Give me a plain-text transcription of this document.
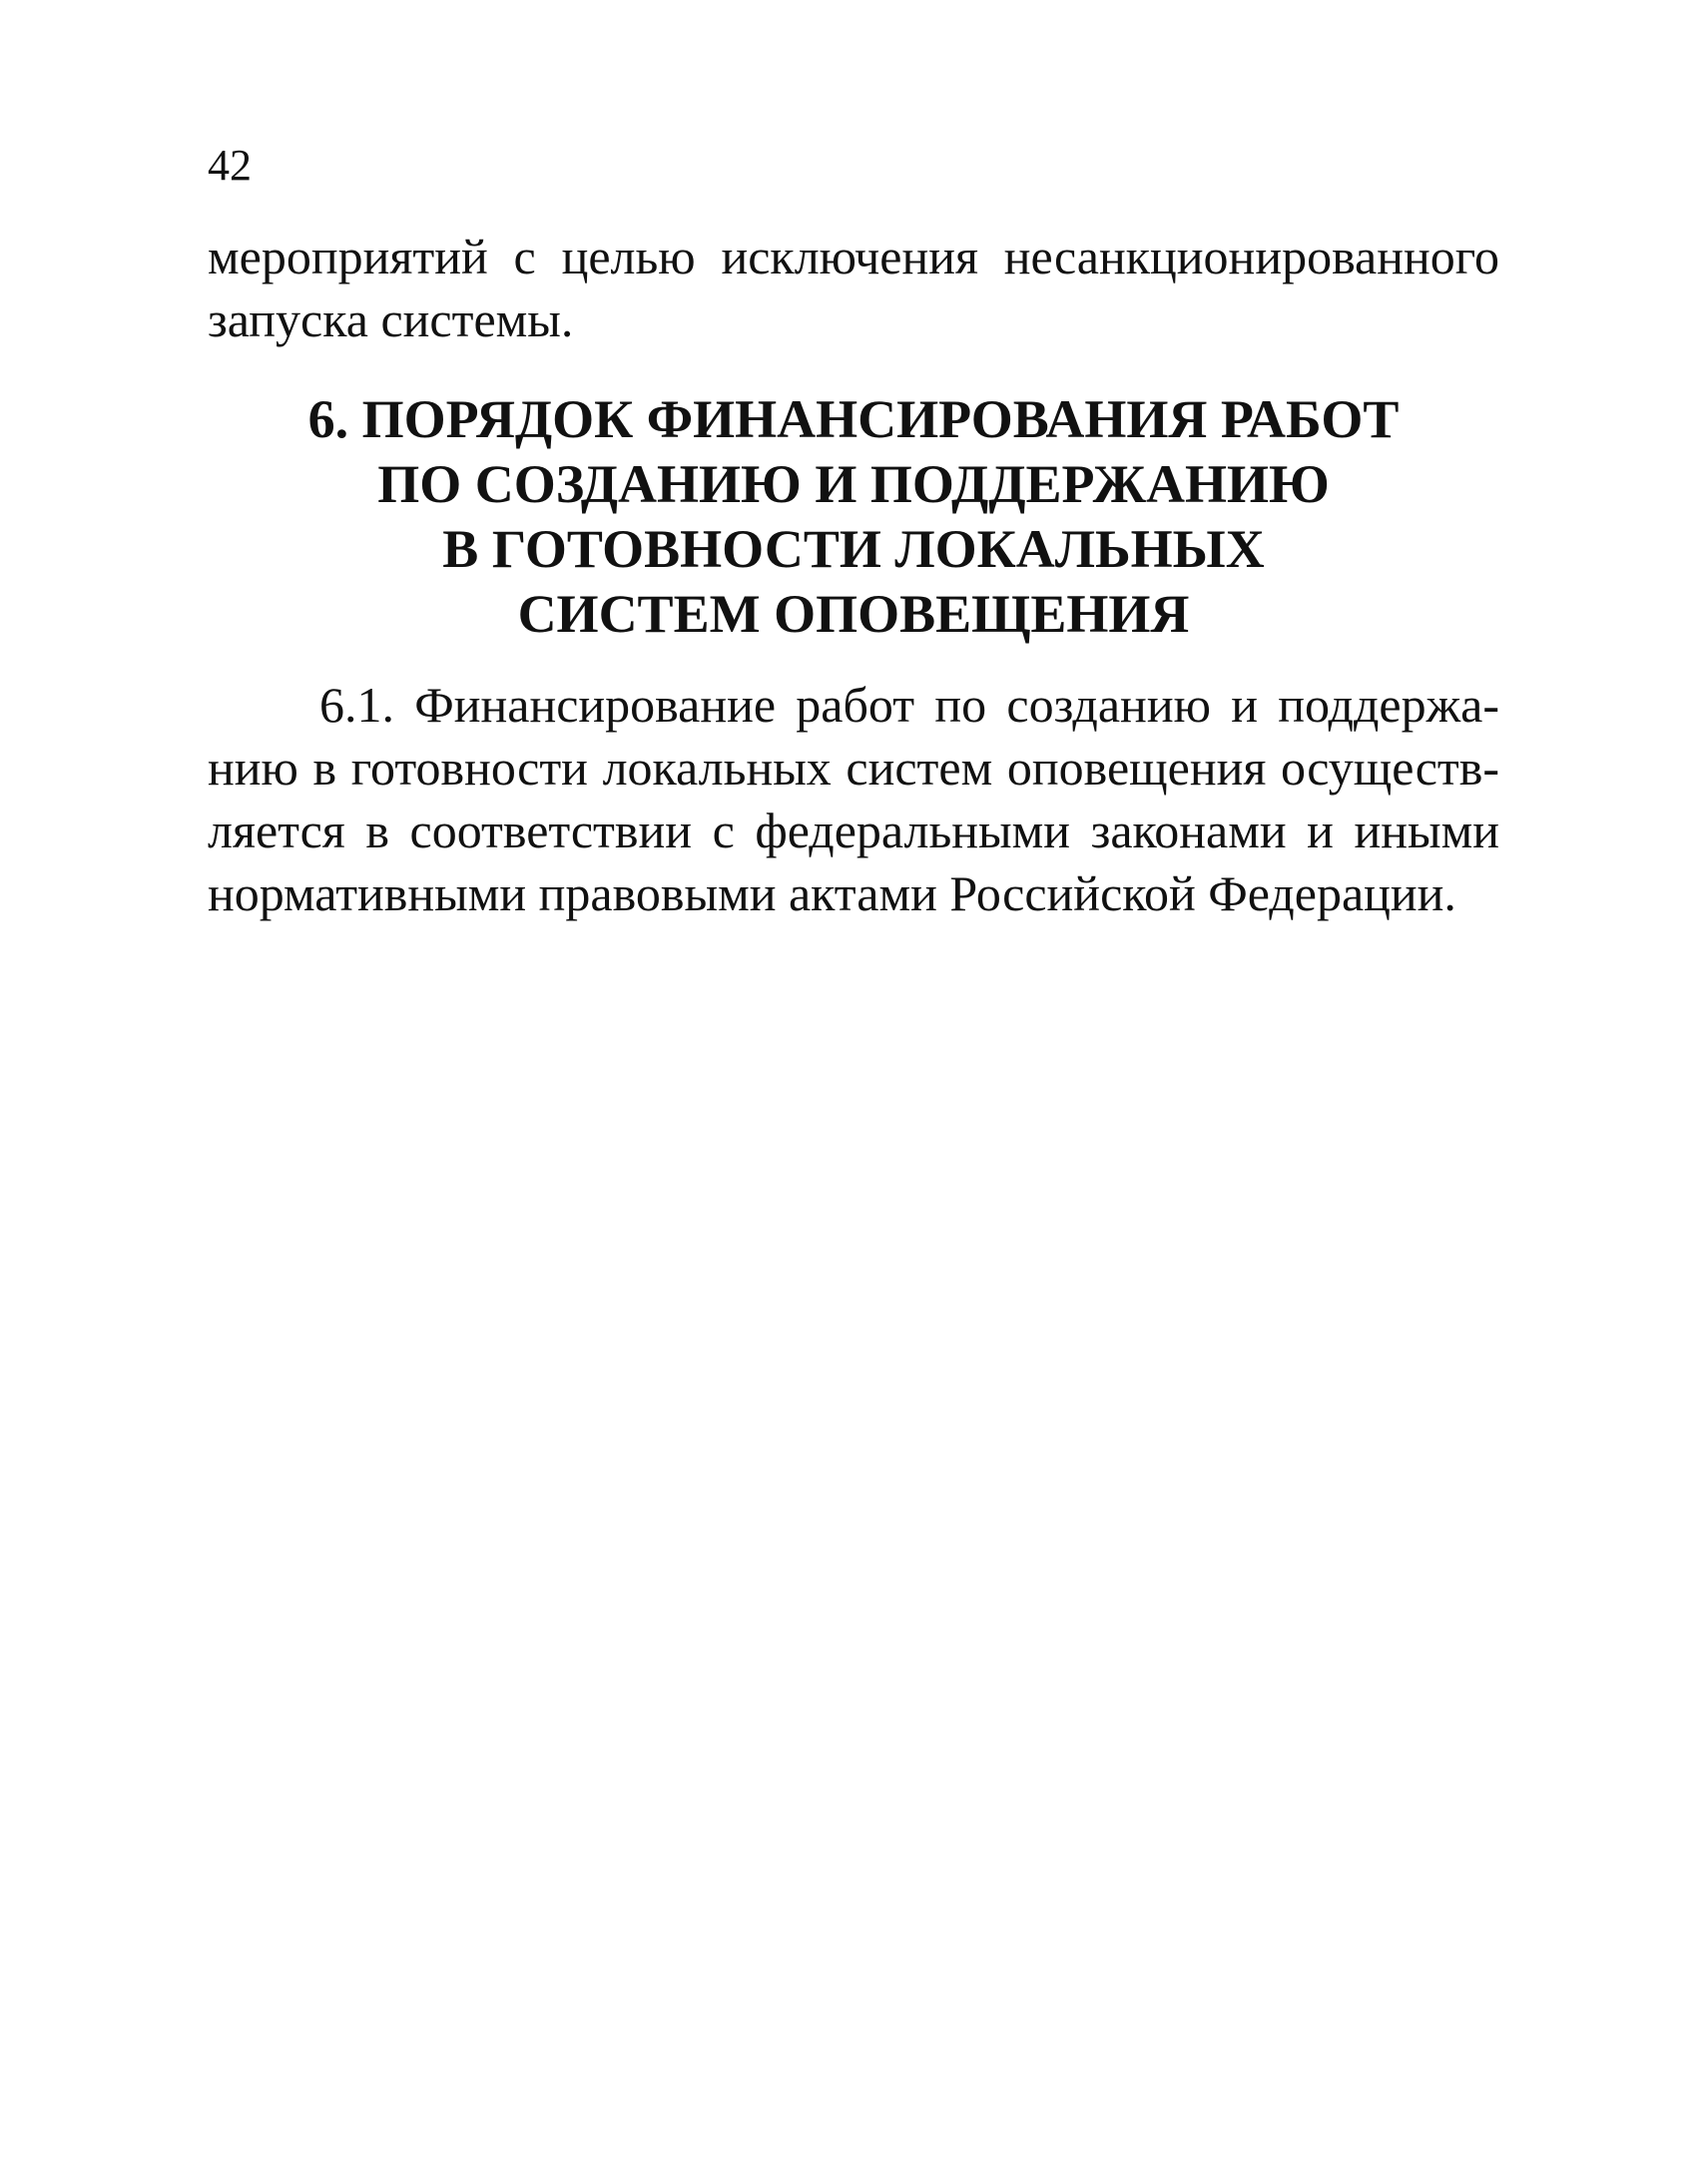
42
мероприятий с целью исключения несанкционированного
запуска системы.
6. ПОРЯДОК ФИНАНСИРОВАНИЯ РАБОТ
ПО СОЗДАНИЮ И ПОДДЕРЖАНИЮ
В ГОТОВНОСТИ ЛОКАЛЬНЫХ
СИСТЕМ ОПОВЕЩЕНИЯ
6.1. Финансирование работ по созданию и поддержа-
нию в готовности локальных систем оповещения осуществ-
ляется в соответствии с федеральными законами и иными
нормативными правовыми актами Российской Федерации.
